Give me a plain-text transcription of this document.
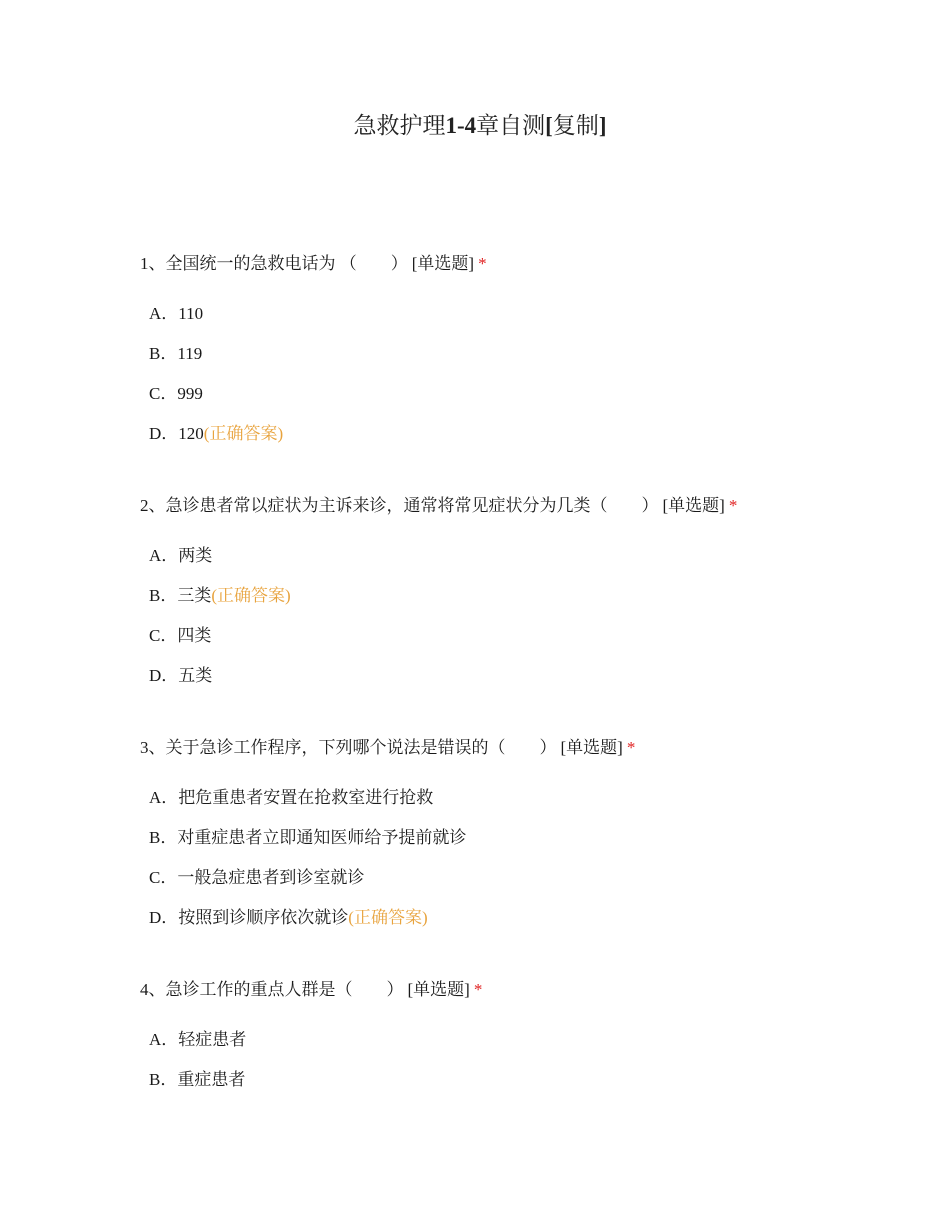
急救护理1-4章自测[复制]
1、全国统一的急救电话为 （　　） [单选题] *
A．110
B．119
C．999
D．120(正确答案)
2、急诊患者常以症状为主诉来诊，通常将常见症状分为几类（　　） [单选题] *
A．两类
B．三类(正确答案)
C．四类
D．五类
3、关于急诊工作程序，下列哪个说法是错误的（　　） [单选题] *
A．把危重患者安置在抢救室进行抢救
B．对重症患者立即通知医师给予提前就诊
C．一般急症患者到诊室就诊
D．按照到诊顺序依次就诊(正确答案)
4、急诊工作的重点人群是（　　） [单选题] *
A．轻症患者
B．重症患者
